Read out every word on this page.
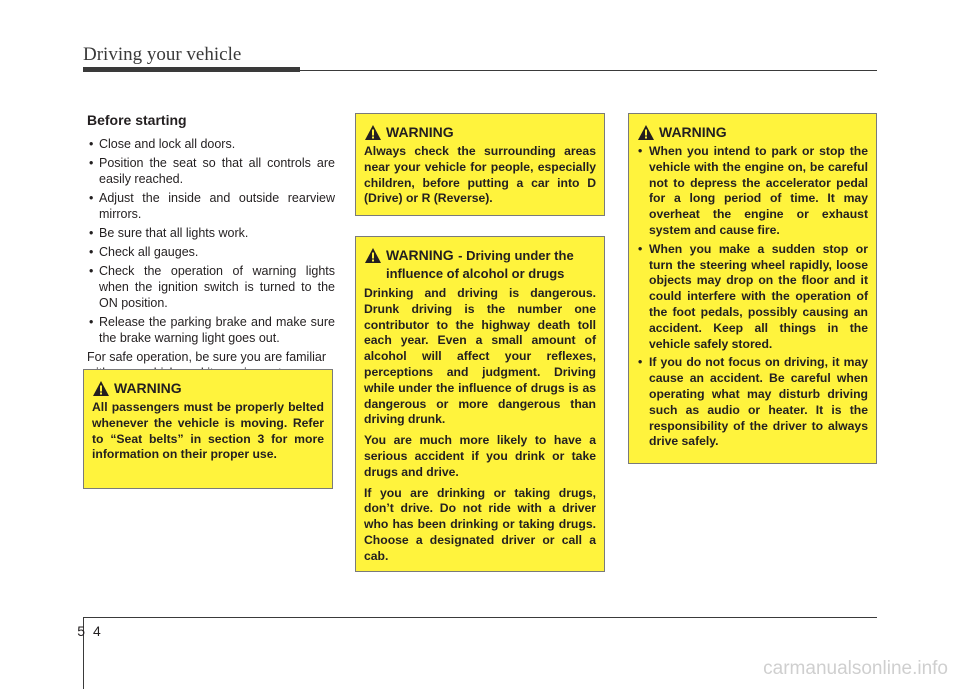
Driving your vehicle
Before starting
• Close and lock all doors.
• Position the seat so that all controls are easily reached.
• Adjust the inside and outside rearview mirrors.
• Be sure that all lights work.
• Check all gauges.
• Check the operation of warning lights when the ignition switch is turned to the ON position.
• Release the parking brake and make sure the brake warning light goes out.
For safe operation, be sure you are familiar
WARNING
All passengers must be properly belted whenever the vehicle is moving. Refer to “Seat belts” in section 3 for more information on their proper use.
WARNING
Always check the surrounding areas near your vehicle for people, especially children, before putting a car into D (Drive) or R (Reverse).
WARNING - Driving under the influence of alcohol or drugs

Drinking and driving is dangerous. Drunk driving is the number one contributor to the highway death toll each year. Even a small amount of alcohol will affect your reflexes, perceptions and judgment. Driving while under the influence of drugs is as dangerous or more dangerous than driving drunk.

You are much more likely to have a serious accident if you drink or take drugs and drive.

If you are drinking or taking drugs, don’t drive. Do not ride with a driver who has been drinking or taking drugs. Choose a designated driver or call a cab.

WARNING
• When you intend to park or stop the vehicle with the engine on, be careful not to depress the accelerator pedal for a long period of time. It may overheat the engine or exhaust system and cause fire.
• When you make a sudden stop or turn the steering wheel rapidly, loose objects may drop on the floor and it could interfere with the operation of the foot pedals, possibly causing an accident. Keep all things in the vehicle safely stored.
• If you do not focus on driving, it may cause an accident. Be careful when operating what may disturb driving such as audio or heater. It is the responsibility of the driver to always drive safely.
54
carmanualsonline.info
